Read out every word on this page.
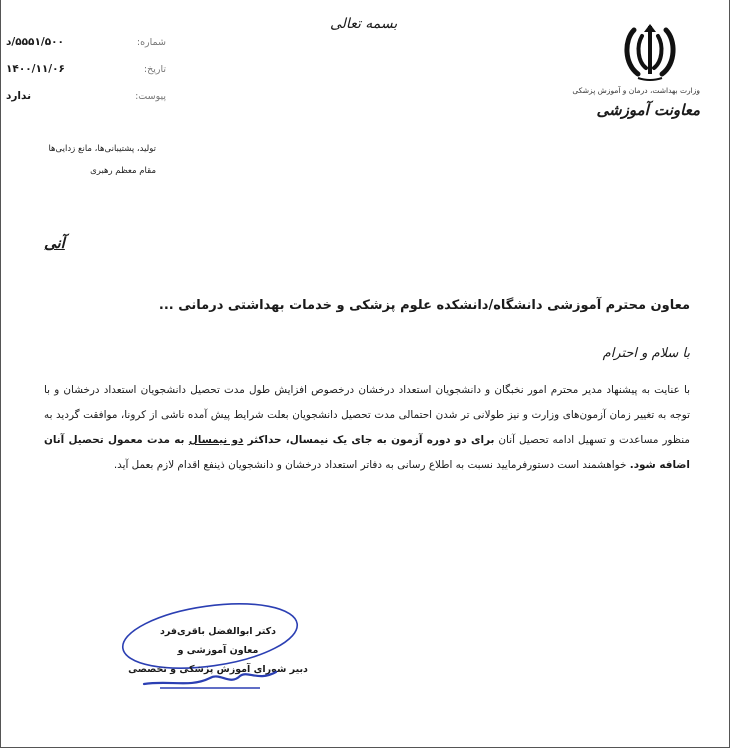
بسمه تعالی
شماره:
۵۵۵۱/۵۰۰/د
تاریخ:
۱۴۰۰/۱۱/۰۶
پیوست:
ندارد
تولید، پشتیبانی‌ها، مانع زدایی‌ها
مقام معظم رهبری
وزارت بهداشت، درمان و آموزش پزشکی
معاونت آموزشی
آنی
معاون محترم آموزشی دانشگاه/دانشکده علوم پزشکی و خدمات بهداشتی درمانی ...
با سلام و احترام
با عنایت به پیشنهاد مدیر محترم امور نخبگان و دانشجویان استعداد درخشان درخصوص افزایش طول مدت تحصیل دانشجویان استعداد درخشان و با توجه به تغییر زمان آزمون‌های وزارت و نیز طولانی تر شدن احتمالی مدت تحصیل دانشجویان بعلت شرایط پیش آمده ناشی از کرونا، موافقت گردید به منظور مساعدت و تسهیل ادامه تحصیل آنان برای دو دوره آزمون به جای یک نیمسال، حداکثر دو نیمسال به مدت معمول تحصیل آنان اضافه شود. خواهشمند است دستورفرمایید نسبت به اطلاع رسانی به دفاتر استعداد درخشان و دانشجویان ذینفع اقدام لازم بعمل آید.
دکتر ابوالفضل باقری‌فرد
معاون آموزشی و
دبیر شورای آموزش پزشکی و تخصصی
